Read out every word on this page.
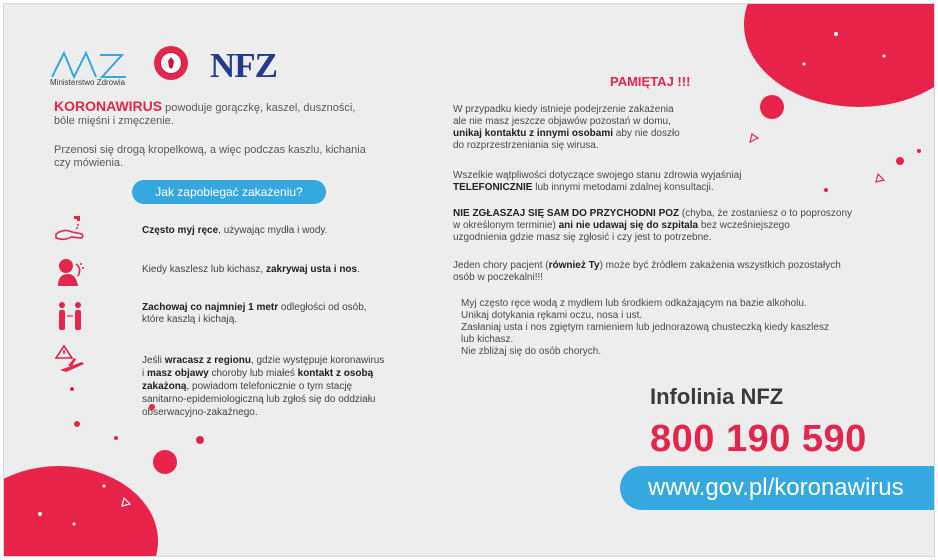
Ministerstwo Zdrowia NFZ
KORONAWIRUS powoduje gorączkę, kaszel, duszności,
bóle mięśni i zmęczenie.
Przenosi się drogą kropelkową, a więc podczas kaszlu, kichania
czy mówienia.
Jak zapobiegać zakażeniu?
Często myj ręce, używając mydła i wody.
Kiedy kaszlesz lub kichasz, zakrywaj usta i nos.
Zachowaj co najmniej 1 metr odległości od osób,
które kaszlą i kichają.
Jeśli wracasz z regionu, gdzie występuje koronawirus
i masz objawy choroby lub miałeś kontakt z osobą
zakażoną, powiadom telefonicznie o tym stację
sanitarno-epidemiologiczną lub zgłoś się do oddziału
obserwacyjno-zakaźnego.
PAMIĘTAJ !!!
W przypadku kiedy istnieje podejrzenie zakażenia
ale nie masz jeszcze objawów pozostań w domu,
unikaj kontaktu z innymi osobami aby nie doszło
do rozprzestrzeniania się wirusa.
Wszelkie wątpliwości dotyczące swojego stanu zdrowia wyjaśniaj
TELEFONICZNIE lub innymi metodami zdalnej konsultacji.
NIE ZGŁASZAJ SIĘ SAM DO PRZYCHODNI POZ (chyba, że zostaniesz o to poproszony
w określonym terminie) ani nie udawaj się do szpitala bez wcześniejszego
uzgodnienia gdzie masz się zgłosić i czy jest to potrzebne.
Jeden chory pacjent (również Ty) może być źródłem zakażenia wszystkich pozostałych
osób w poczekalni!!!
Myj często ręce wodą z mydłem lub środkiem odkażającym na bazie alkoholu.
Unikaj dotykania rękami oczu, nosa i ust.
Zasłaniaj usta i nos zgiętym ramieniem lub jednorazową chusteczką kiedy kaszlesz
lub kichasz.
Nie zbliżaj się do osób chorych.
Infolinia NFZ
800 190 590
www.gov.pl/koronawirus
